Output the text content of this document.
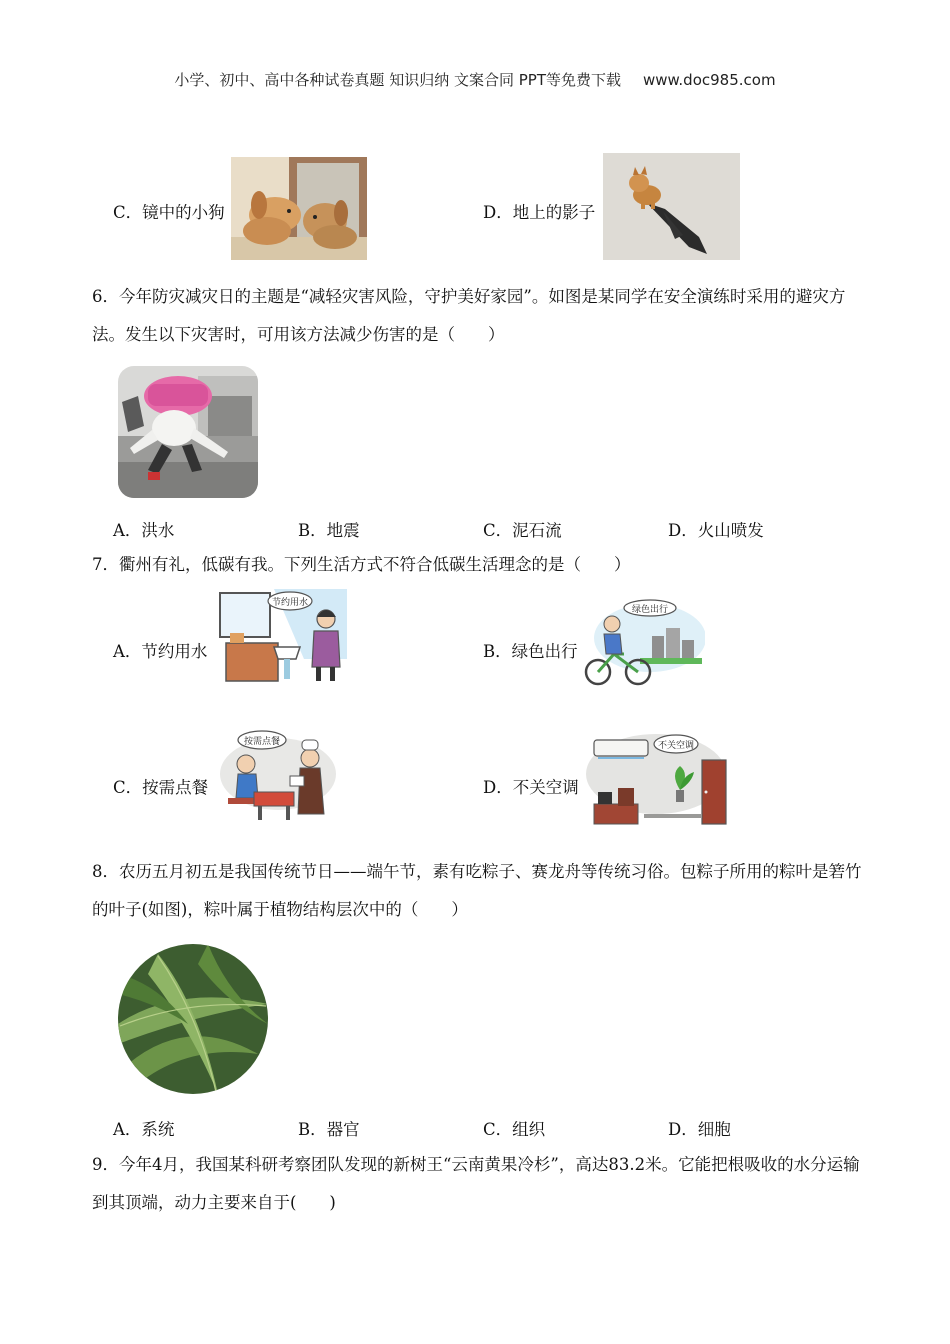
小学、初中、高中各种试卷真题 知识归纳 文案合同 PPT等免费下载 www.doc985.com
C．镜中的小狗	D．地上的影子
6．今年防灾减灾日的主题是“减轻灾害风险，守护美好家园”。如图是某同学在安全演练时采用的避灾方法。发生以下灾害时，可用该方法减少伤害的是（　　）
A．洪水	B．地震	C．泥石流	D．火山喷发
7．衢州有礼，低碳有我。下列生活方式不符合低碳生活理念的是（　　）
A．节约用水
节约用水
B．绿色出行
绿色出行
C．按需点餐
按需点餐
D．不关空调
不关空调
8．农历五月初五是我国传统节日——端午节，素有吃粽子、赛龙舟等传统习俗。包粽子所用的粽叶是箬竹的叶子(如图)，粽叶属于植物结构层次中的（　　）
A．系统	B．器官	C．组织	D．细胞
9．今年4月，我国某科研考察团队发现的新树王“云南黄果冷杉”，高达83.2米。它能把根吸收的水分运输到其顶端，动力主要来自于(　　)
